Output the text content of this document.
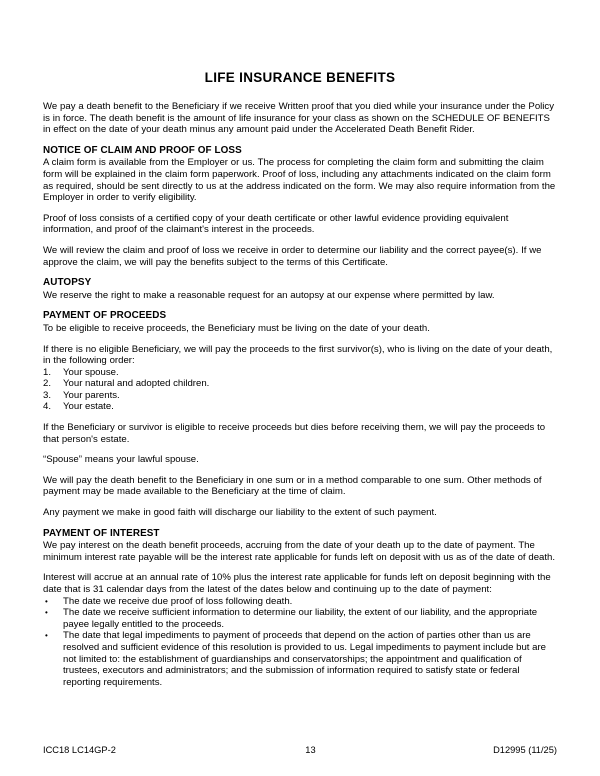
LIFE INSURANCE BENEFITS

We pay a death benefit to the Beneficiary if we receive Written proof that you died while your insurance under the Policy is in force. The death benefit is the amount of life insurance for your class as shown on the SCHEDULE OF BENEFITS in effect on the date of your death minus any amount paid under the Accelerated Death Benefit Rider.

NOTICE OF CLAIM AND PROOF OF LOSS

A claim form is available from the Employer or us. The process for completing the claim form and submitting the claim form will be explained in the claim form paperwork. Proof of loss, including any attachments indicated on the claim form as required, should be sent directly to us at the address indicated on the form. We may also require information from the Employer in order to verify eligibility.

Proof of loss consists of a certified copy of your death certificate or other lawful evidence providing equivalent information, and proof of the claimant's interest in the proceeds.

We will review the claim and proof of loss we receive in order to determine our liability and the correct payee(s). If we approve the claim, we will pay the benefits subject to the terms of this Certificate.

AUTOPSY

We reserve the right to make a reasonable request for an autopsy at our expense where permitted by law.

PAYMENT OF PROCEEDS

To be eligible to receive proceeds, the Beneficiary must be living on the date of your death.

If there is no eligible Beneficiary, we will pay the proceeds to the first survivor(s), who is living on the date of your death, in the following order:

1.	Your spouse.
2.	Your natural and adopted children.
3.	Your parents.
4.	Your estate.

If the Beneficiary or survivor is eligible to receive proceeds but dies before receiving them, we will pay the proceeds to that person's estate.

“Spouse” means your lawful spouse.

We will pay the death benefit to the Beneficiary in one sum or in a method comparable to one sum. Other methods of payment may be made available to the Beneficiary at the time of claim.

Any payment we make in good faith will discharge our liability to the extent of such payment.

PAYMENT OF INTEREST

We pay interest on the death benefit proceeds, accruing from the date of your death up to the date of payment. The minimum interest rate payable will be the interest rate applicable for funds left on deposit with us as of the date of death.

Interest will accrue at an annual rate of 10% plus the interest rate applicable for funds left on deposit beginning with the date that is 31 calendar days from the latest of the dates below and continuing up to the date of payment:

• The date we receive due proof of loss following death.
• The date we receive sufficient information to determine our liability, the extent of our liability, and the appropriate payee legally entitled to the proceeds.
• The date that legal impediments to payment of proceeds that depend on the action of parties other than us are resolved and sufficient evidence of this resolution is provided to us. Legal impediments to payment include but are not limited to: the establishment of guardianships and conservatorships; the appointment and qualification of trustees, executors and administrators; and the submission of information required to satisfy state or federal reporting requirements.
ICC18 LC14GP-2	13	D12995 (11/25)
